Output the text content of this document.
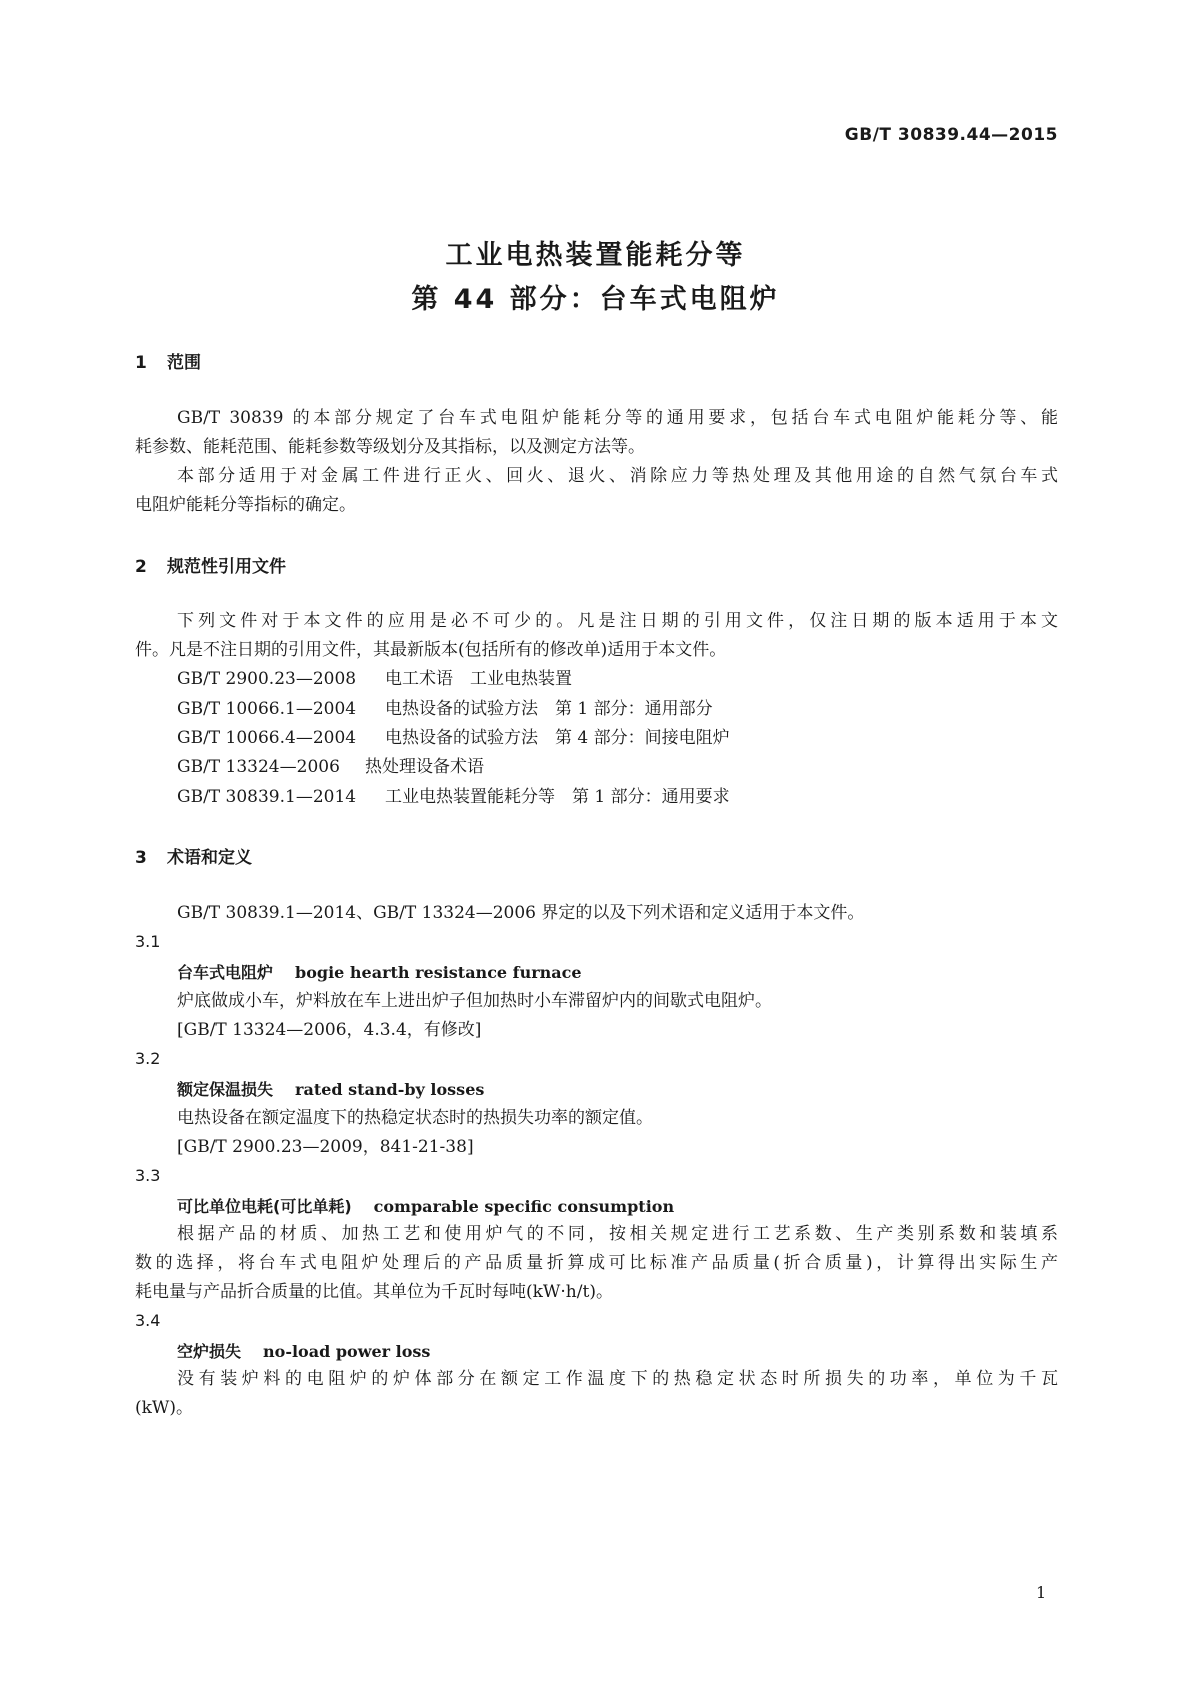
GB/T 30839.44—2015
工业电热装置能耗分等
第 44 部分：台车式电阻炉
1 范围
GB/T 30839 的本部分规定了台车式电阻炉能耗分等的通用要求，包括台车式电阻炉能耗分等、能
耗参数、能耗范围、能耗参数等级划分及其指标，以及测定方法等。
本部分适用于对金属工件进行正火、回火、退火、消除应力等热处理及其他用途的自然气氛台车式
电阻炉能耗分等指标的确定。
2 规范性引用文件
下列文件对于本文件的应用是必不可少的。凡是注日期的引用文件，仅注日期的版本适用于本文
件。凡是不注日期的引用文件，其最新版本(包括所有的修改单)适用于本文件。
GB/T 2900.23—2008 电工术语　工业电热装置
GB/T 10066.1—2004 电热设备的试验方法　第 1 部分：通用部分
GB/T 10066.4—2004 电热设备的试验方法　第 4 部分：间接电阻炉
GB/T 13324—2006 热处理设备术语
GB/T 30839.1—2014 工业电热装置能耗分等　第 1 部分：通用要求
3 术语和定义
GB/T 30839.1—2014、GB/T 13324—2006 界定的以及下列术语和定义适用于本文件。
3.1
台车式电阻炉 bogie hearth resistance furnace
炉底做成小车，炉料放在车上进出炉子但加热时小车滞留炉内的间歇式电阻炉。
[GB/T 13324—2006，4.3.4，有修改]
3.2
额定保温损失 rated stand-by losses
电热设备在额定温度下的热稳定状态时的热损失功率的额定值。
[GB/T 2900.23—2009，841-21-38]
3.3
可比单位电耗(可比单耗) comparable specific consumption
根据产品的材质、加热工艺和使用炉气的不同，按相关规定进行工艺系数、生产类别系数和装填系
数的选择，将台车式电阻炉处理后的产品质量折算成可比标准产品质量(折合质量)，计算得出实际生产
耗电量与产品折合质量的比值。其单位为千瓦时每吨(kW·h/t)。
3.4
空炉损失 no-load power loss
没有装炉料的电阻炉的炉体部分在额定工作温度下的热稳定状态时所损失的功率，单位为千瓦
(kW)。
1
